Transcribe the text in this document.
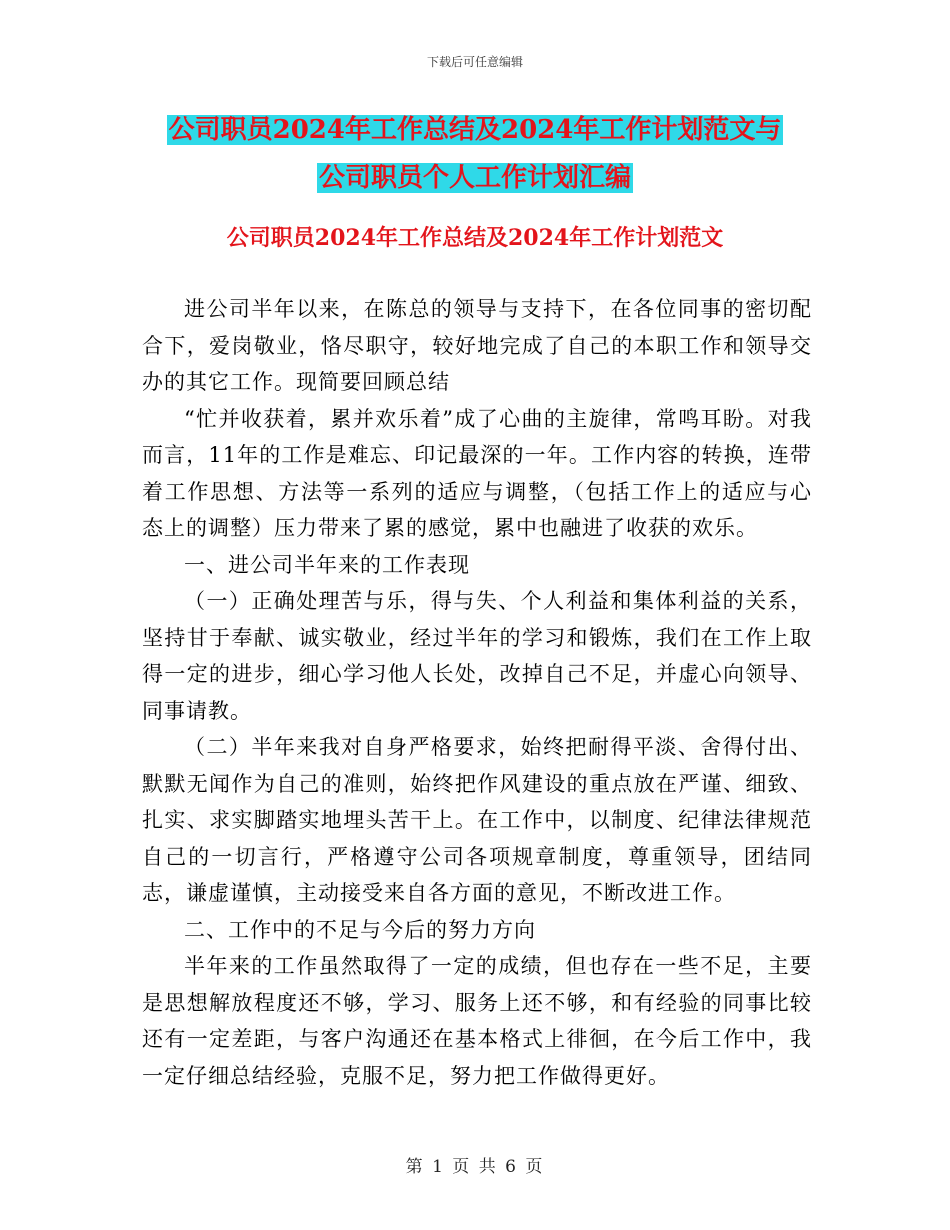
下载后可任意编辑
公司职员2024年工作总结及2024年工作计划范文与
公司职员个人工作计划汇编
公司职员2024年工作总结及2024年工作计划范文

进公司半年以来，在陈总的领导与支持下，在各位同事的密切配合下，爱岗敬业，恪尽职守，较好地完成了自己的本职工作和领导交办的其它工作。现简要回顾总结

“忙并收获着，累并欢乐着”成了心曲的主旋律，常鸣耳盼。对我而言，11年的工作是难忘、印记最深的一年。工作内容的转换，连带着工作思想、方法等一系列的适应与调整，（包括工作上的适应与心态上的调整）压力带来了累的感觉，累中也融进了收获的欢乐。

一、进公司半年来的工作表现

（一）正确处理苦与乐，得与失、个人利益和集体利益的关系，坚持甘于奉献、诚实敬业，经过半年的学习和锻炼，我们在工作上取得一定的进步，细心学习他人长处，改掉自己不足，并虚心向领导、同事请教。

（二）半年来我对自身严格要求，始终把耐得平淡、舍得付出、默默无闻作为自己的准则，始终把作风建设的重点放在严谨、细致、扎实、求实脚踏实地埋头苦干上。在工作中，以制度、纪律法律规范自己的一切言行，严格遵守公司各项规章制度，尊重领导，团结同志，谦虚谨慎，主动接受来自各方面的意见，不断改进工作。

二、工作中的不足与今后的努力方向

半年来的工作虽然取得了一定的成绩，但也存在一些不足，主要是思想解放程度还不够，学习、服务上还不够，和有经验的同事比较还有一定差距，与客户沟通还在基本格式上徘徊，在今后工作中，我一定仔细总结经验，克服不足，努力把工作做得更好。

第 1 页 共 6 页
